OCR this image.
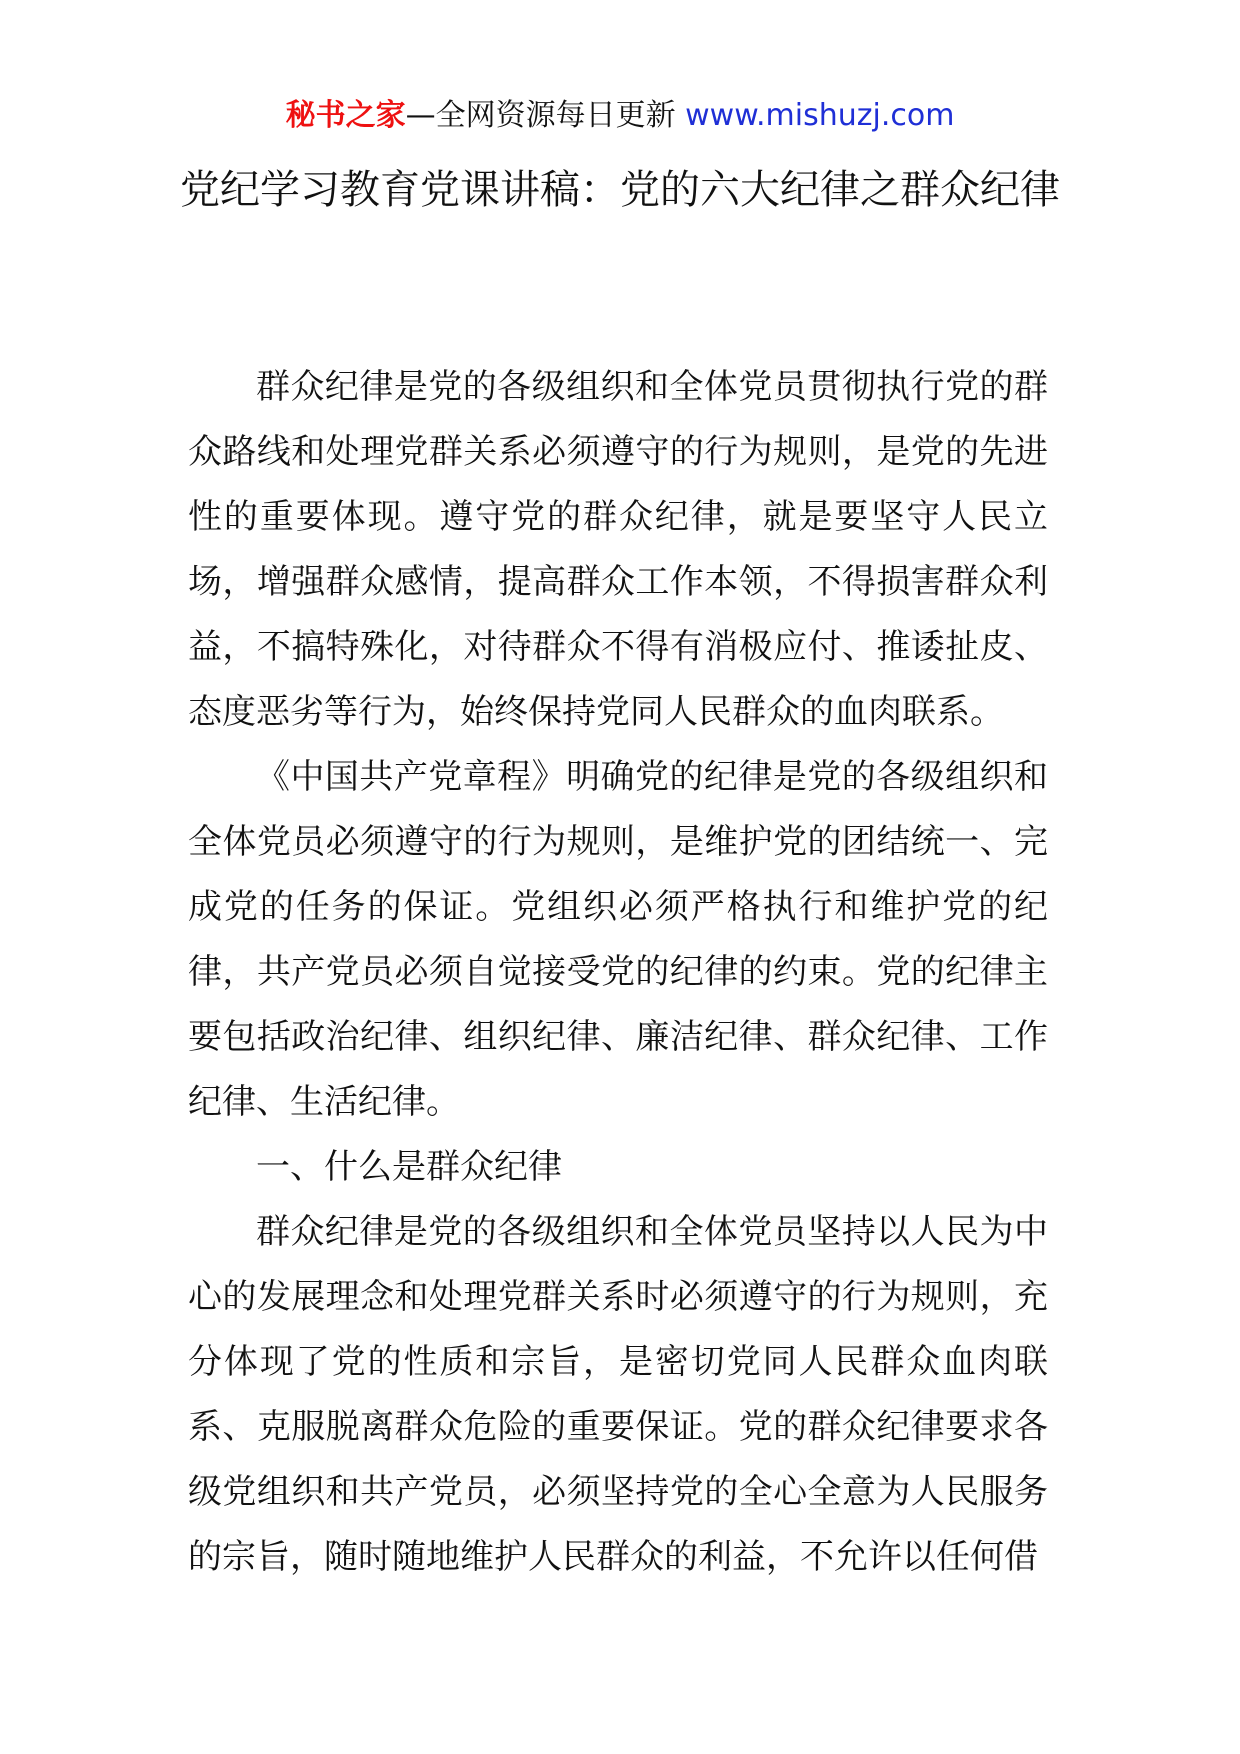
秘书之家—全网资源每日更新 www.mishuzj.com
党纪学习教育党课讲稿：党的六大纪律之群众纪律

群众纪律是党的各级组织和全体党员贯彻执行党的群众路线和处理党群关系必须遵守的行为规则，是党的先进性的重要体现。遵守党的群众纪律，就是要坚守人民立场，增强群众感情，提高群众工作本领，不得损害群众利益，不搞特殊化，对待群众不得有消极应付、推诿扯皮、态度恶劣等行为，始终保持党同人民群众的血肉联系。

《中国共产党章程》明确党的纪律是党的各级组织和全体党员必须遵守的行为规则，是维护党的团结统一、完成党的任务的保证。党组织必须严格执行和维护党的纪律，共产党员必须自觉接受党的纪律的约束。党的纪律主要包括政治纪律、组织纪律、廉洁纪律、群众纪律、工作纪律、生活纪律。

一、什么是群众纪律

群众纪律是党的各级组织和全体党员坚持以人民为中心的发展理念和处理党群关系时必须遵守的行为规则，充分体现了党的性质和宗旨，是密切党同人民群众血肉联系、克服脱离群众危险的重要保证。党的群众纪律要求各级党组织和共产党员，必须坚持党的全心全意为人民服务的宗旨，随时随地维护人民群众的利益，不允许以任何借
